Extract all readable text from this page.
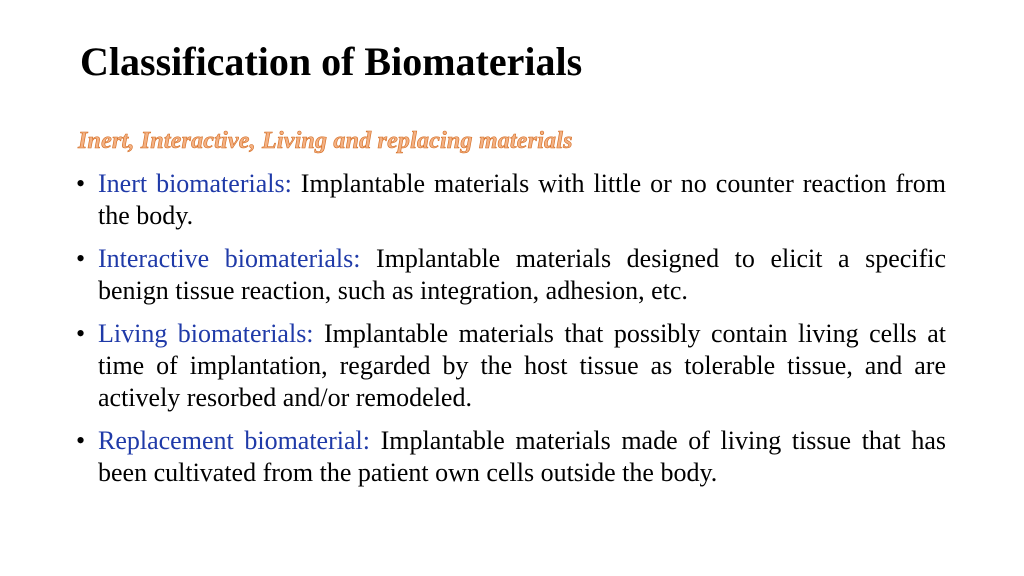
Classification of Biomaterials
Inert, Interactive, Living and replacing materials
• Inert biomaterials: Implantable materials with little or no counter reaction from the body.
• Interactive biomaterials: Implantable materials designed to elicit a specific benign tissue reaction, such as integration, adhesion, etc.
• Living biomaterials: Implantable materials that possibly contain living cells at time of implantation, regarded by the host tissue as tolerable tissue, and are actively resorbed and/or remodeled.
• Replacement biomaterial: Implantable materials made of living tissue that has been cultivated from the patient own cells outside the body.
